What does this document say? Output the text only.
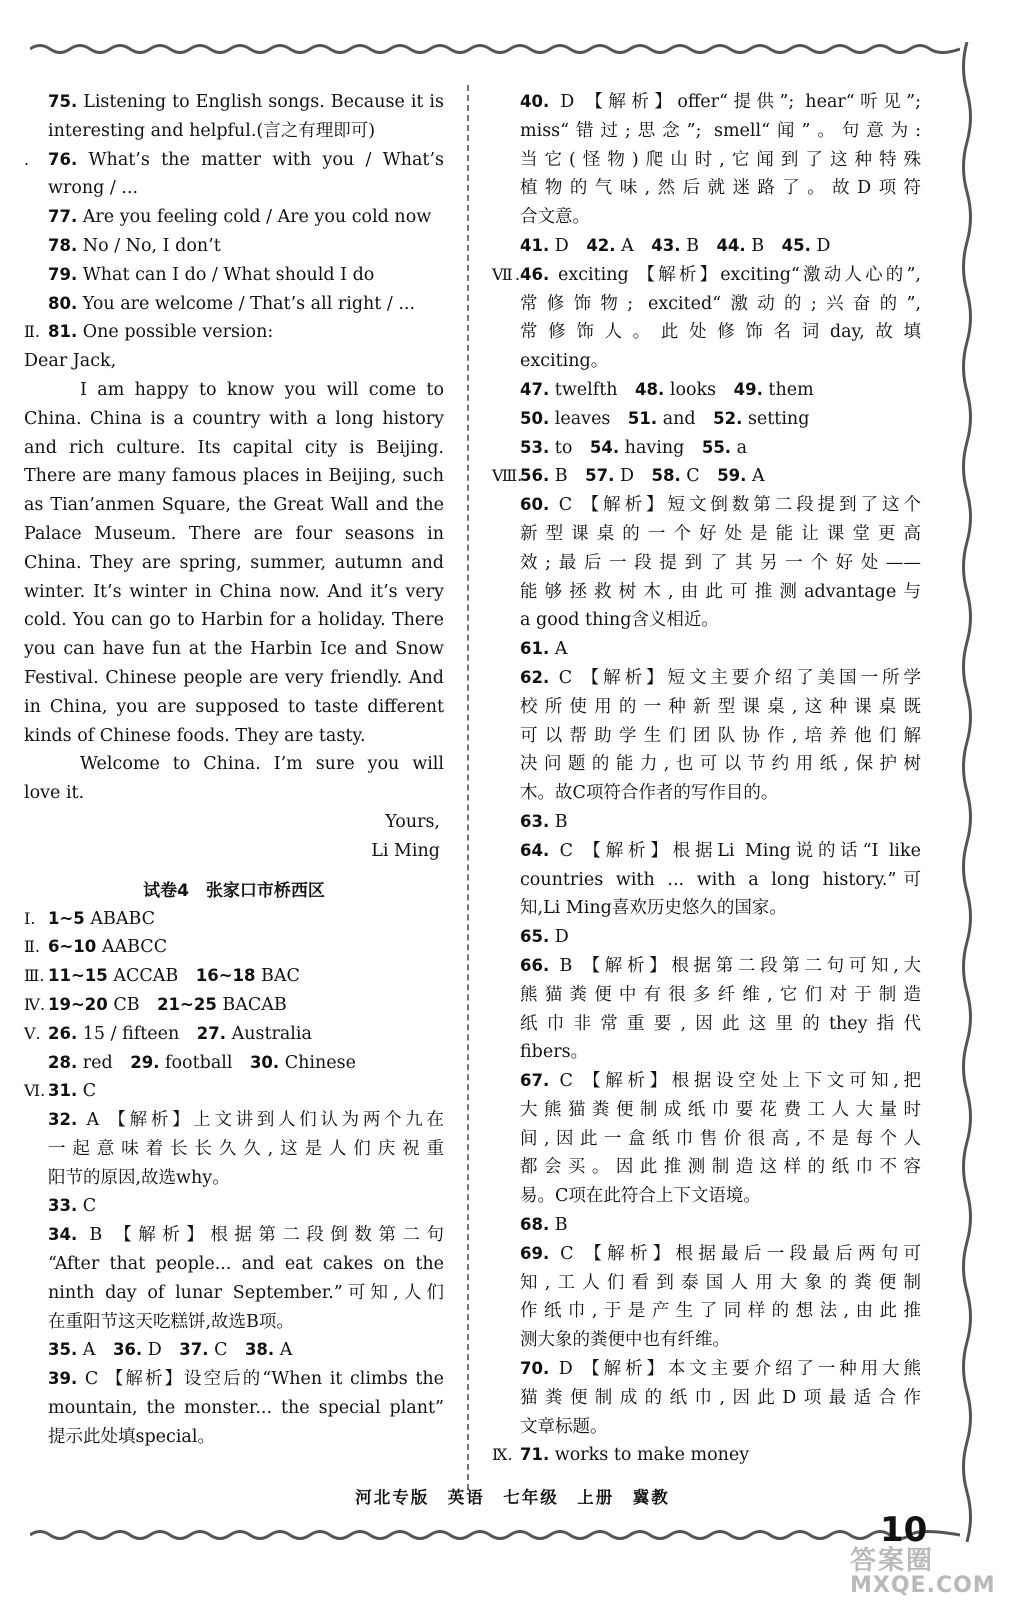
75. Listening to English songs. Because it is
interesting and helpful.(言之有理即可)
. 76. What’s the matter with you / What’s
wrong / ...
77. Are you feeling cold / Are you cold now
78. No / No, I don’t
79. What can I do / What should I do
80. You are welcome / That’s all right / ...
Ⅱ. 81. One possible version:
Dear Jack,
I am happy to know you will come to
China. China is a country with a long history
and rich culture. Its capital city is Beijing.
There are many famous places in Beijing, such
as Tian’anmen Square, the Great Wall and the
Palace Museum. There are four seasons in
China. They are spring, summer, autumn and
winter. It’s winter in China now. And it’s very
cold. You can go to Harbin for a holiday. There
you can have fun at the Harbin Ice and Snow
Festival. Chinese people are very friendly. And
in China, you are supposed to taste different
kinds of Chinese foods. They are tasty.
Welcome to China. I’m sure you will
love it.
Yours,
Li Ming
试卷4　张家口市桥西区
Ⅰ. 1~5 ABABC
Ⅱ. 6~10 AABCC
Ⅲ. 11~15 ACCAB　16~18 BAC
Ⅳ. 19~20 CB　21~25 BACAB
Ⅴ. 26. 15 / fifteen　27. Australia
28. red　29. football　30. Chinese
Ⅵ. 31. C
32. A 【解析】上文讲到人们认为两个九在
一起意味着长长久久,这是人们庆祝重
阳节的原因,故选why。
33. C
34. B 【解析】根据第二段倒数第二句
“After that people... and eat cakes on the
ninth day of lunar September.”可知,人们
在重阳节这天吃糕饼,故选B项。
35. A　36. D　37. C　38. A
39. C 【解析】设空后的“When it climbs the
mountain, the monster... the special plant”
提示此处填special。
40. D 【解析】offer“提供”; hear“听见”;
miss“错过;思念”; smell“闻”。句意为:
当它(怪物)爬山时,它闻到了这种特殊
植物的气味,然后就迷路了。故D项符
合文意。
41. D　42. A　43. B　44. B　45. D
Ⅶ.46. exciting 【解析】exciting“激动人心的”,
常修饰物; excited“激动的;兴奋的”,
常修饰人。此处修饰名词day,故填
exciting。
47. twelfth　48. looks　49. them
50. leaves　51. and　52. setting
53. to　54. having　55. a
Ⅷ.56. B　57. D　58. C　59. A
60. C 【解析】短文倒数第二段提到了这个
新型课桌的一个好处是能让课堂更高
效;最后一段提到了其另一个好处——
能够拯救树木,由此可推测advantage与
a good thing含义相近。
61. A
62. C 【解析】短文主要介绍了美国一所学
校所使用的一种新型课桌,这种课桌既
可以帮助学生们团队协作,培养他们解
决问题的能力,也可以节约用纸,保护树
木。故C项符合作者的写作目的。
63. B
64. C 【解析】根据Li Ming说的话“I like
countries with ... with a long history.”可
知,Li Ming喜欢历史悠久的国家。
65. D
66. B 【解析】根据第二段第二句可知,大
熊猫粪便中有很多纤维,它们对于制造
纸巾非常重要,因此这里的they指代
fibers。
67. C 【解析】根据设空处上下文可知,把
大熊猫粪便制成纸巾要花费工人大量时
间,因此一盒纸巾售价很高,不是每个人
都会买。因此推测制造这样的纸巾不容
易。C项在此符合上下文语境。
68. B
69. C 【解析】根据最后一段最后两句可
知,工人们看到泰国人用大象的粪便制
作纸巾,于是产生了同样的想法,由此推
测大象的粪便中也有纤维。
70. D 【解析】本文主要介绍了一种用大熊
猫粪便制成的纸巾,因此D项最适合作
文章标题。
Ⅸ. 71. works to make money
河北专版　英语　七年级　上册　冀教
10
答案圈
MXQE.COM
